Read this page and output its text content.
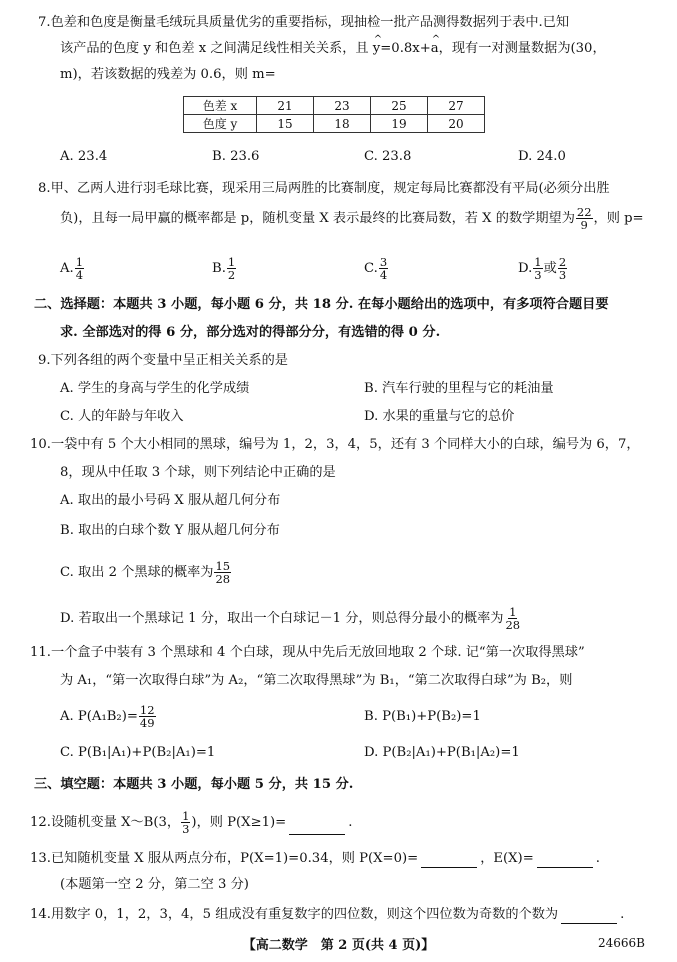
7.色差和色度是衡量毛绒玩具质量优劣的重要指标，现抽检一批产品测得数据列于表中.已知
该产品的色度 y 和色差 x 之间满足线性相关关系，且 ^ y=0.8x+^ a，现有一对测量数据为(30，
m)，若该数据的残差为 0.6，则 m=
色差 x	21	23	25	27
色度 y	15	18	19	20
A. 23.4	B. 23.6	C. 23.8	D. 24.0
8.甲、乙两人进行羽毛球比赛，现采用三局两胜的比赛制度，规定每局比赛都没有平局(必须分出胜
负)，且每一局甲赢的概率都是 p，随机变量 X 表示最终的比赛局数，若 X 的数学期望为 $\frac{22}{9}$ ，则 p=
A. $\frac{1}{4}$	B. $\frac{1}{2}$	C. $\frac{3}{4}$	D. $\frac{1}{3}$ 或 $\frac{2}{3}$
二、选择题：本题共 3 小题，每小题 6 分，共 18 分. 在每小题给出的选项中，有多项符合题目要
求. 全部选对的得 6 分，部分选对的得部分分，有选错的得 0 分.
9.下列各组的两个变量中呈正相关关系的是
A. 学生的身高与学生的化学成绩	B. 汽车行驶的里程与它的耗油量
C. 人的年龄与年收入	D. 水果的重量与它的总价
10.一袋中有 5 个大小相同的黑球，编号为 1，2，3，4，5，还有 3 个同样大小的白球，编号为 6，7，
8，现从中任取 3 个球，则下列结论中正确的是
A. 取出的最小号码 X 服从超几何分布
B. 取出的白球个数 Y 服从超几何分布
C. 取出 2 个黑球的概率为 $\frac{15}{28}$
D. 若取出一个黑球记 1 分，取出一个白球记－1 分，则总得分最小的概率为 $\frac{1}{28}$
11.一个盒子中装有 3 个黑球和 4 个白球，现从中先后无放回地取 2 个球. 记“第一次取得黑球”
为 A₁，“第一次取得白球”为 A₂，“第二次取得黑球”为 B₁，“第二次取得白球”为 B₂，则
A. $P(A_1B_2)= \frac{12}{49}$	B. P(B₁)+P(B₂)=1
C. P(B₁|A₁)+P(B₂|A₁)=1	D. P(B₂|A₁)+P(B₁|A₂)=1
三、填空题：本题共 3 小题，每小题 5 分，共 15 分.
12.设随机变量 X～B(3， $\frac{1}{3}$ )，则 P(X≥1)=	.
13.已知随机变量 X 服从两点分布，P(X=1)=0.34，则 P(X=0)=	，E(X)=	.
(本题第一空 2 分，第二空 3 分)
14.用数字 0，1，2，3，4，5 组成没有重复数字的四位数，则这个四位数为奇数的个数为	.
【高二数学　第 2 页(共 4 页)】	24666B
